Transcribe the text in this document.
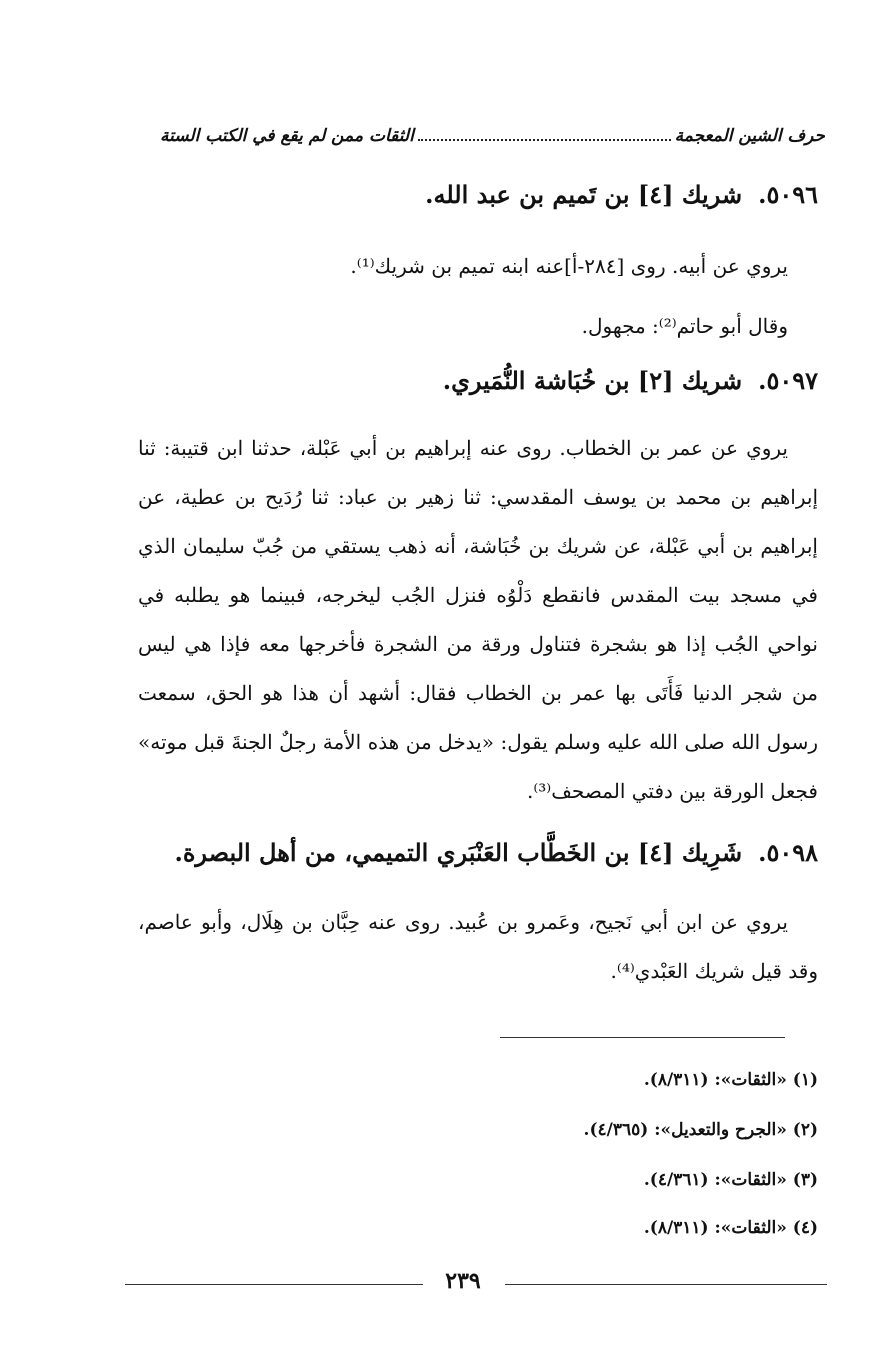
حرف الشين المعجمة
الثقات ممن لم يقع في الكتب الستة
٥٠٩٦.شريك [٤] بن تَميم بن عبد الله.

يروي عن أبيه. روى [٢٨٤-أ]عنه ابنه تميم بن شريك⁽¹⁾.

وقال أبو حاتم⁽²⁾: مجهول.

٥٠٩٧.شريك [٢] بن خُبَاشة النُّمَيري.

يروي عن عمر بن الخطاب. روى عنه إبراهيم بن أبي عَبْلة، حدثنا ابن قتيبة: ثنا إبراهيم بن محمد بن يوسف المقدسي: ثنا زهير بن عباد: ثنا رُدَيح بن عطية، عن إبراهيم بن أبي عَبْلة، عن شريك بن خُبَاشة، أنه ذهب يستقي من جُبّ سليمان الذي في مسجد بيت المقدس فانقطع دَلْوُه فنزل الجُب ليخرجه، فبينما هو يطلبه في نواحي الجُب إذا هو بشجرة فتناول ورقة من الشجرة فأخرجها معه فإذا هي ليس من شجر الدنيا فَأَتَى بها عمر بن الخطاب فقال: أشهد أن هذا هو الحق، سمعت رسول الله صلى الله عليه وسلم يقول: «يدخل من هذه الأمة رجلٌ الجنةَ قبل موته» فجعل الورقة بين دفتي المصحف⁽³⁾.

٥٠٩٨.شَرِيك [٤] بن الخَطَّاب العَنْبَري التميمي، من أهل البصرة.

يروي عن ابن أبي نَجيح، وعَمرو بن عُبيد. روى عنه حِبَّان بن هِلَال، وأبو عاصم، وقد قيل شريك العَبْدي⁽⁴⁾.

(١) «الثقات»: (٨/٣١١).
(٢) «الجرح والتعديل»: (٤/٣٦٥).
(٣) «الثقات»: (٤/٣٦١).
(٤) «الثقات»: (٨/٣١١).
٢٣٩
